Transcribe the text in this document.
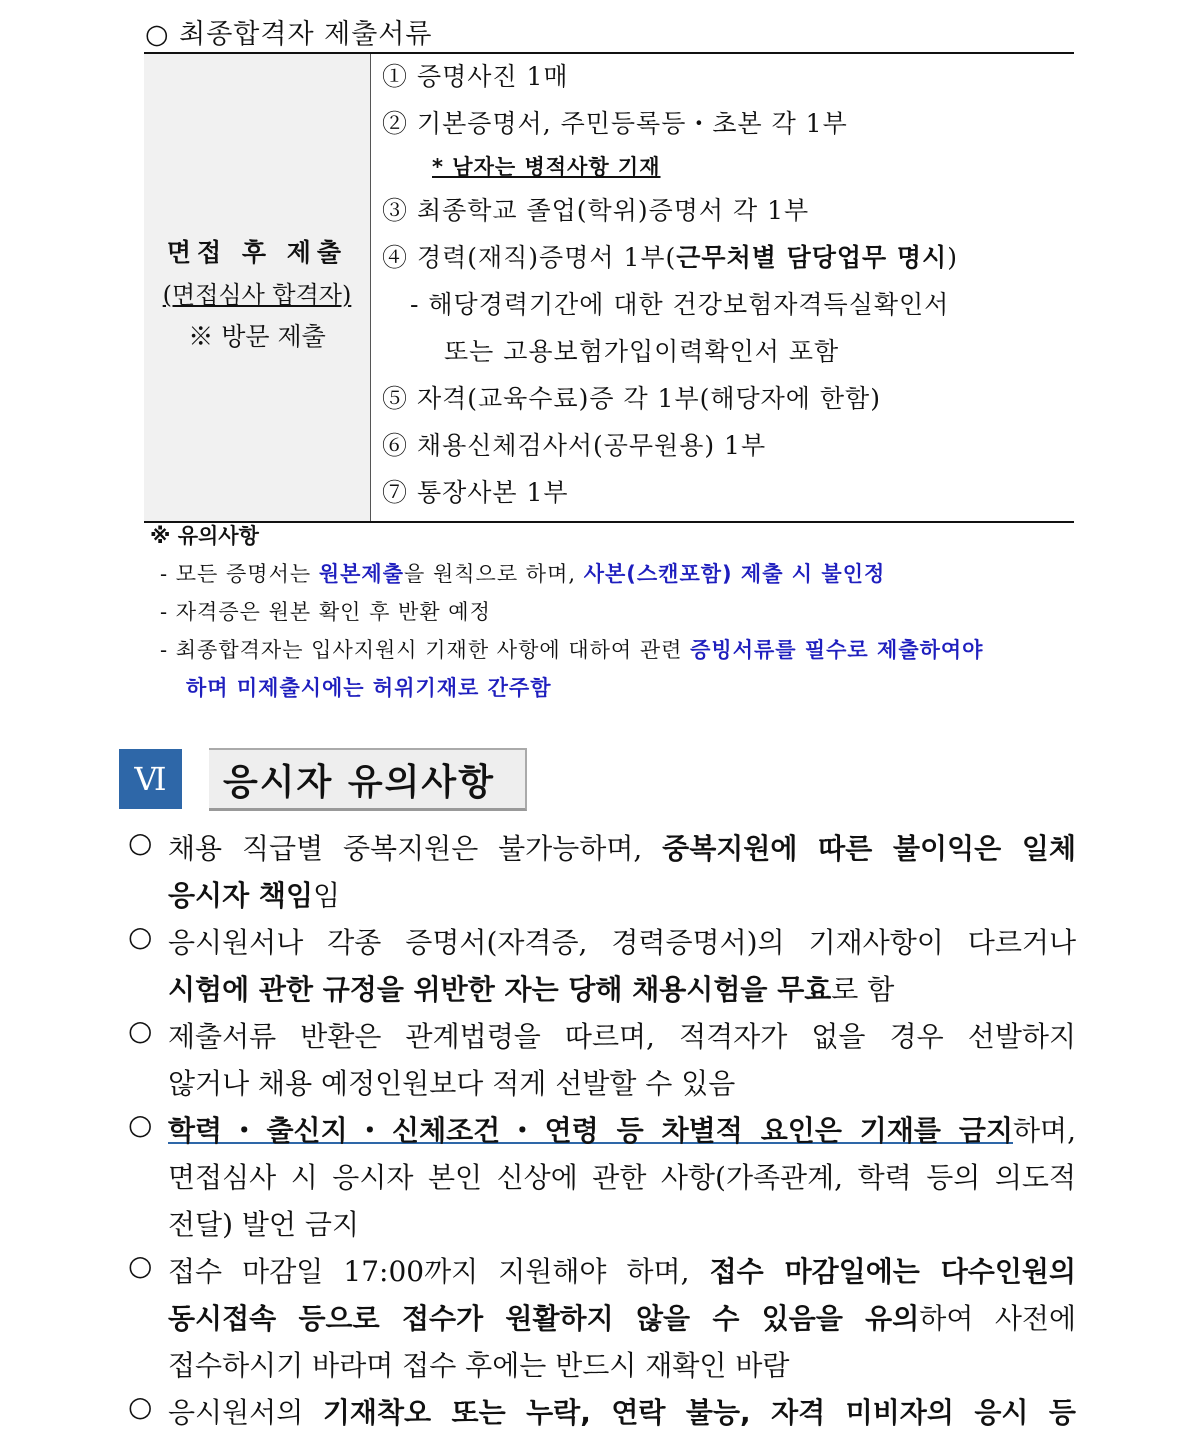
○ 최종합격자 제출서류
면접 후 제출
(면접심사 합격자)
※ 방문 제출
① 증명사진 1매
② 기본증명서, 주민등록등・초본 각 1부
* 남자는 병적사항 기재
③ 최종학교 졸업(학위)증명서 각 1부
④ 경력(재직)증명서 1부(근무처별 담당업무 명시)
- 해당경력기간에 대한 건강보험자격득실확인서
또는 고용보험가입이력확인서 포함
⑤ 자격(교육수료)증 각 1부(해당자에 한함)
⑥ 채용신체검사서(공무원용) 1부
⑦ 통장사본 1부
※ 유의사항
- 모든 증명서는 원본제출을 원칙으로 하며, 사본(스캔포함) 제출 시 불인정
- 자격증은 원본 확인 후 반환 예정
- 최종합격자는 입사지원시 기재한 사항에 대하여 관련 증빙서류를 필수로 제출하여야
하며 미제출시에는 허위기재로 간주함
Ⅵ	응시자 유의사항
○ 채용 직급별 중복지원은 불가능하며, 중복지원에 따른 불이익은 일체
응시자 책임임
○ 응시원서나 각종 증명서(자격증, 경력증명서)의 기재사항이 다르거나
시험에 관한 규정을 위반한 자는 당해 채용시험을 무효로 함
○ 제출서류 반환은 관계법령을 따르며, 적격자가 없을 경우 선발하지
않거나 채용 예정인원보다 적게 선발할 수 있음
○ 학력・출신지・신체조건・연령 등 차별적 요인은 기재를 금지하며,
면접심사 시 응시자 본인 신상에 관한 사항(가족관계, 학력 등의 의도적
전달) 발언 금지
○ 접수 마감일 17:00까지 지원해야 하며, 접수 마감일에는 다수인원의
동시접속 등으로 접수가 원활하지 않을 수 있음을 유의하여 사전에
접수하시기 바라며 접수 후에는 반드시 재확인 바람
○ 응시원서의 기재착오 또는 누락, 연락 불능, 자격 미비자의 응시 등
